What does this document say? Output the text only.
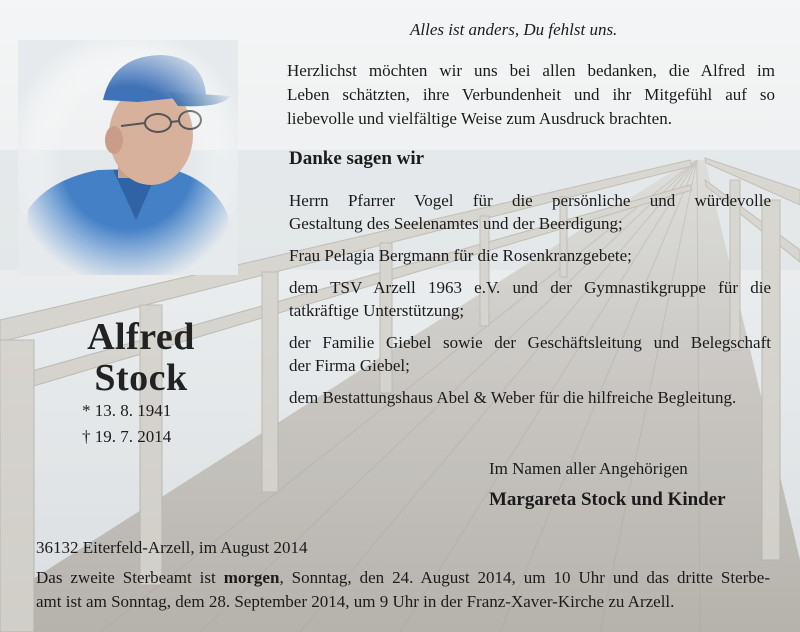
Alles ist anders, Du fehlst uns.

Herzlichst möchten wir uns bei allen bedanken, die Alfred im
Leben schätzten, ihre Verbundenheit und ihr Mitgefühl auf so
liebevolle und vielfältige Weise zum Ausdruck brachten.

Danke sagen wir

Herrn Pfarrer Vogel für die persönliche und würdevolle
Gestaltung des Seelenamtes und der Beerdigung;
Frau Pelagia Bergmann für die Rosenkranzgebete;
dem TSV Arzell 1963 e.V. und der Gymnastikgruppe für die
tatkräftige Unterstützung;
der Familie Giebel sowie der Geschäftsleitung und Belegschaft
der Firma Giebel;
dem Bestattungshaus Abel & Weber für die hilfreiche Begleitung.

Alfred

Stock

* 13. 8. 1941

† 19. 7. 2014

Im Namen aller Angehörigen

Margareta Stock und Kinder

36132 Eiterfeld-Arzell, im August 2014

Das zweite Sterbeamt ist morgen, Sonntag, den 24. August 2014, um 10 Uhr und das dritte Sterbe-
amt ist am Sonntag, dem 28. September 2014, um 9 Uhr in der Franz-Xaver-Kirche zu Arzell.
